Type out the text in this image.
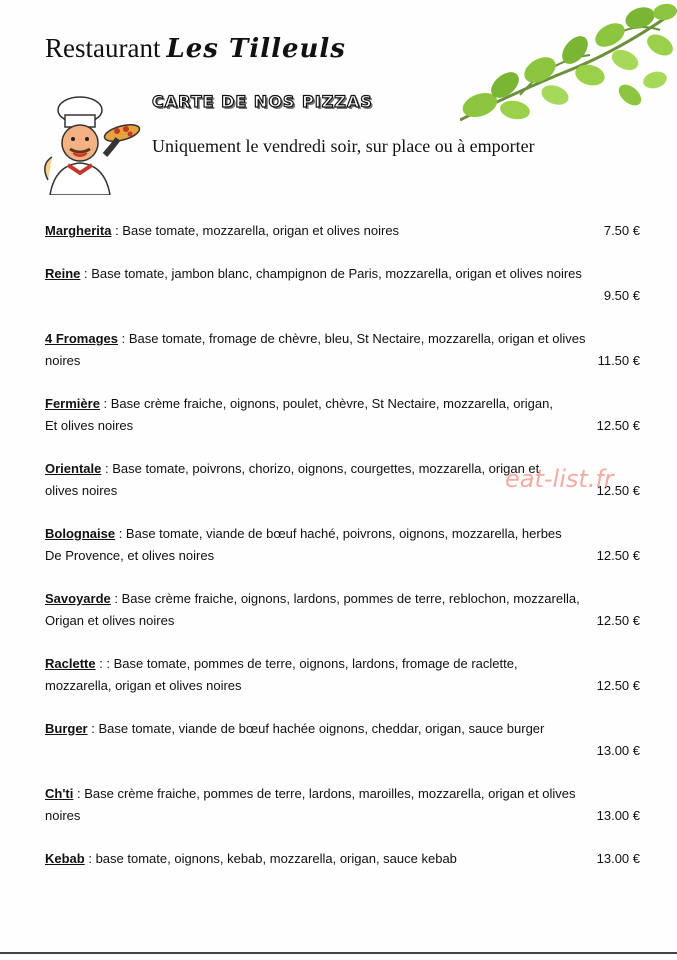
Restaurant Les Tilleuls
CARTE DE NOS PIZZAS
Uniquement le vendredi soir, sur place ou à emporter
Margherita : Base tomate, mozzarella, origan et olives noires	7.50 €
Reine : Base tomate, jambon blanc, champignon de Paris, mozzarella, origan et olives noires

9.50 €
4 Fromages : Base tomate, fromage de chèvre, bleu, St Nectaire, mozzarella, origan et olives
noires	11.50 €
Fermière : Base crème fraiche, oignons, poulet, chèvre, St Nectaire, mozzarella, origan,
Et olives noires	12.50 €
Orientale : Base tomate, poivrons, chorizo, oignons, courgettes, mozzarella, origan et
olives noires	12.50 €
Bolognaise : Base tomate, viande de bœuf haché, poivrons, oignons, mozzarella, herbes
De Provence, et olives noires	12.50 €
Savoyarde : Base crème fraiche, oignons, lardons, pommes de terre, reblochon, mozzarella,
Origan et olives noires	12.50 €
Raclette : : Base tomate, pommes de terre, oignons, lardons, fromage de raclette,
mozzarella, origan et olives noires	12.50 €
Burger : Base tomate, viande de bœuf hachée oignons, cheddar, origan, sauce burger

13.00 €
Ch'ti : Base crème fraiche, pommes de terre, lardons, maroilles, mozzarella, origan et olives
noires	13.00 €
Kebab : base tomate, oignons, kebab, mozzarella, origan, sauce kebab	13.00 €
eat-list.fr
